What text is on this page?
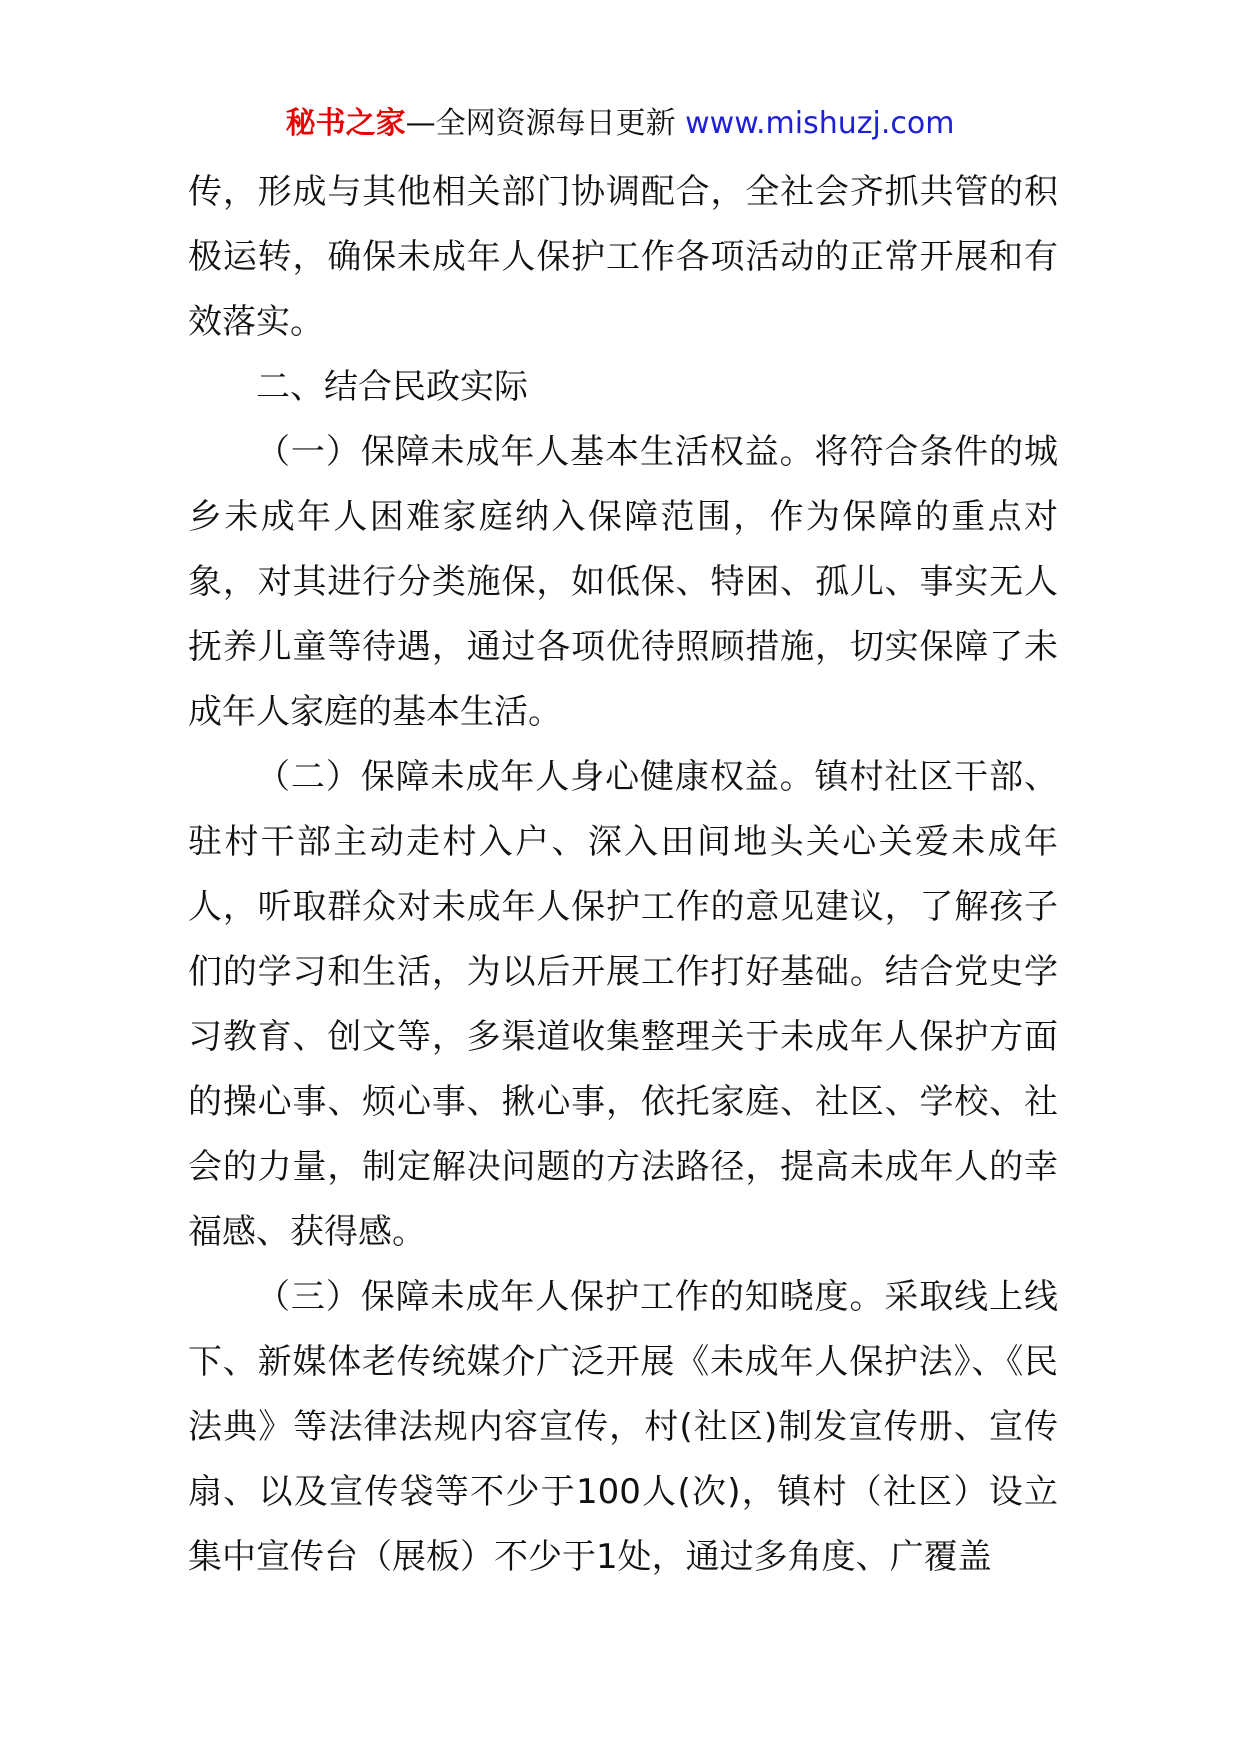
秘书之家—全网资源每日更新 www.mishuzj.com

传，形成与其他相关部门协调配合，全社会齐抓共管的积极运转，确保未成年人保护工作各项活动的正常开展和有效落实。

二、结合民政实际

（一）保障未成年人基本生活权益。将符合条件的城乡未成年人困难家庭纳入保障范围，作为保障的重点对象，对其进行分类施保，如低保、特困、孤儿、事实无人抚养儿童等待遇，通过各项优待照顾措施，切实保障了未成年人家庭的基本生活。

（二）保障未成年人身心健康权益。镇村社区干部、驻村干部主动走村入户、深入田间地头关心关爱未成年人，听取群众对未成年人保护工作的意见建议，了解孩子们的学习和生活，为以后开展工作打好基础。结合党史学习教育、创文等，多渠道收集整理关于未成年人保护方面的操心事、烦心事、揪心事，依托家庭、社区、学校、社会的力量，制定解决问题的方法路径，提高未成年人的幸福感、获得感。

（三）保障未成年人保护工作的知晓度。采取线上线下、新媒体老传统媒介广泛开展《未成年人保护法》、《民法典》等法律法规内容宣传，村(社区)制发宣传册、宣传扇、以及宣传袋等不少于100人(次)，镇村（社区）设立集中宣传台（展板）不少于1处，通过多角度、广覆盖
